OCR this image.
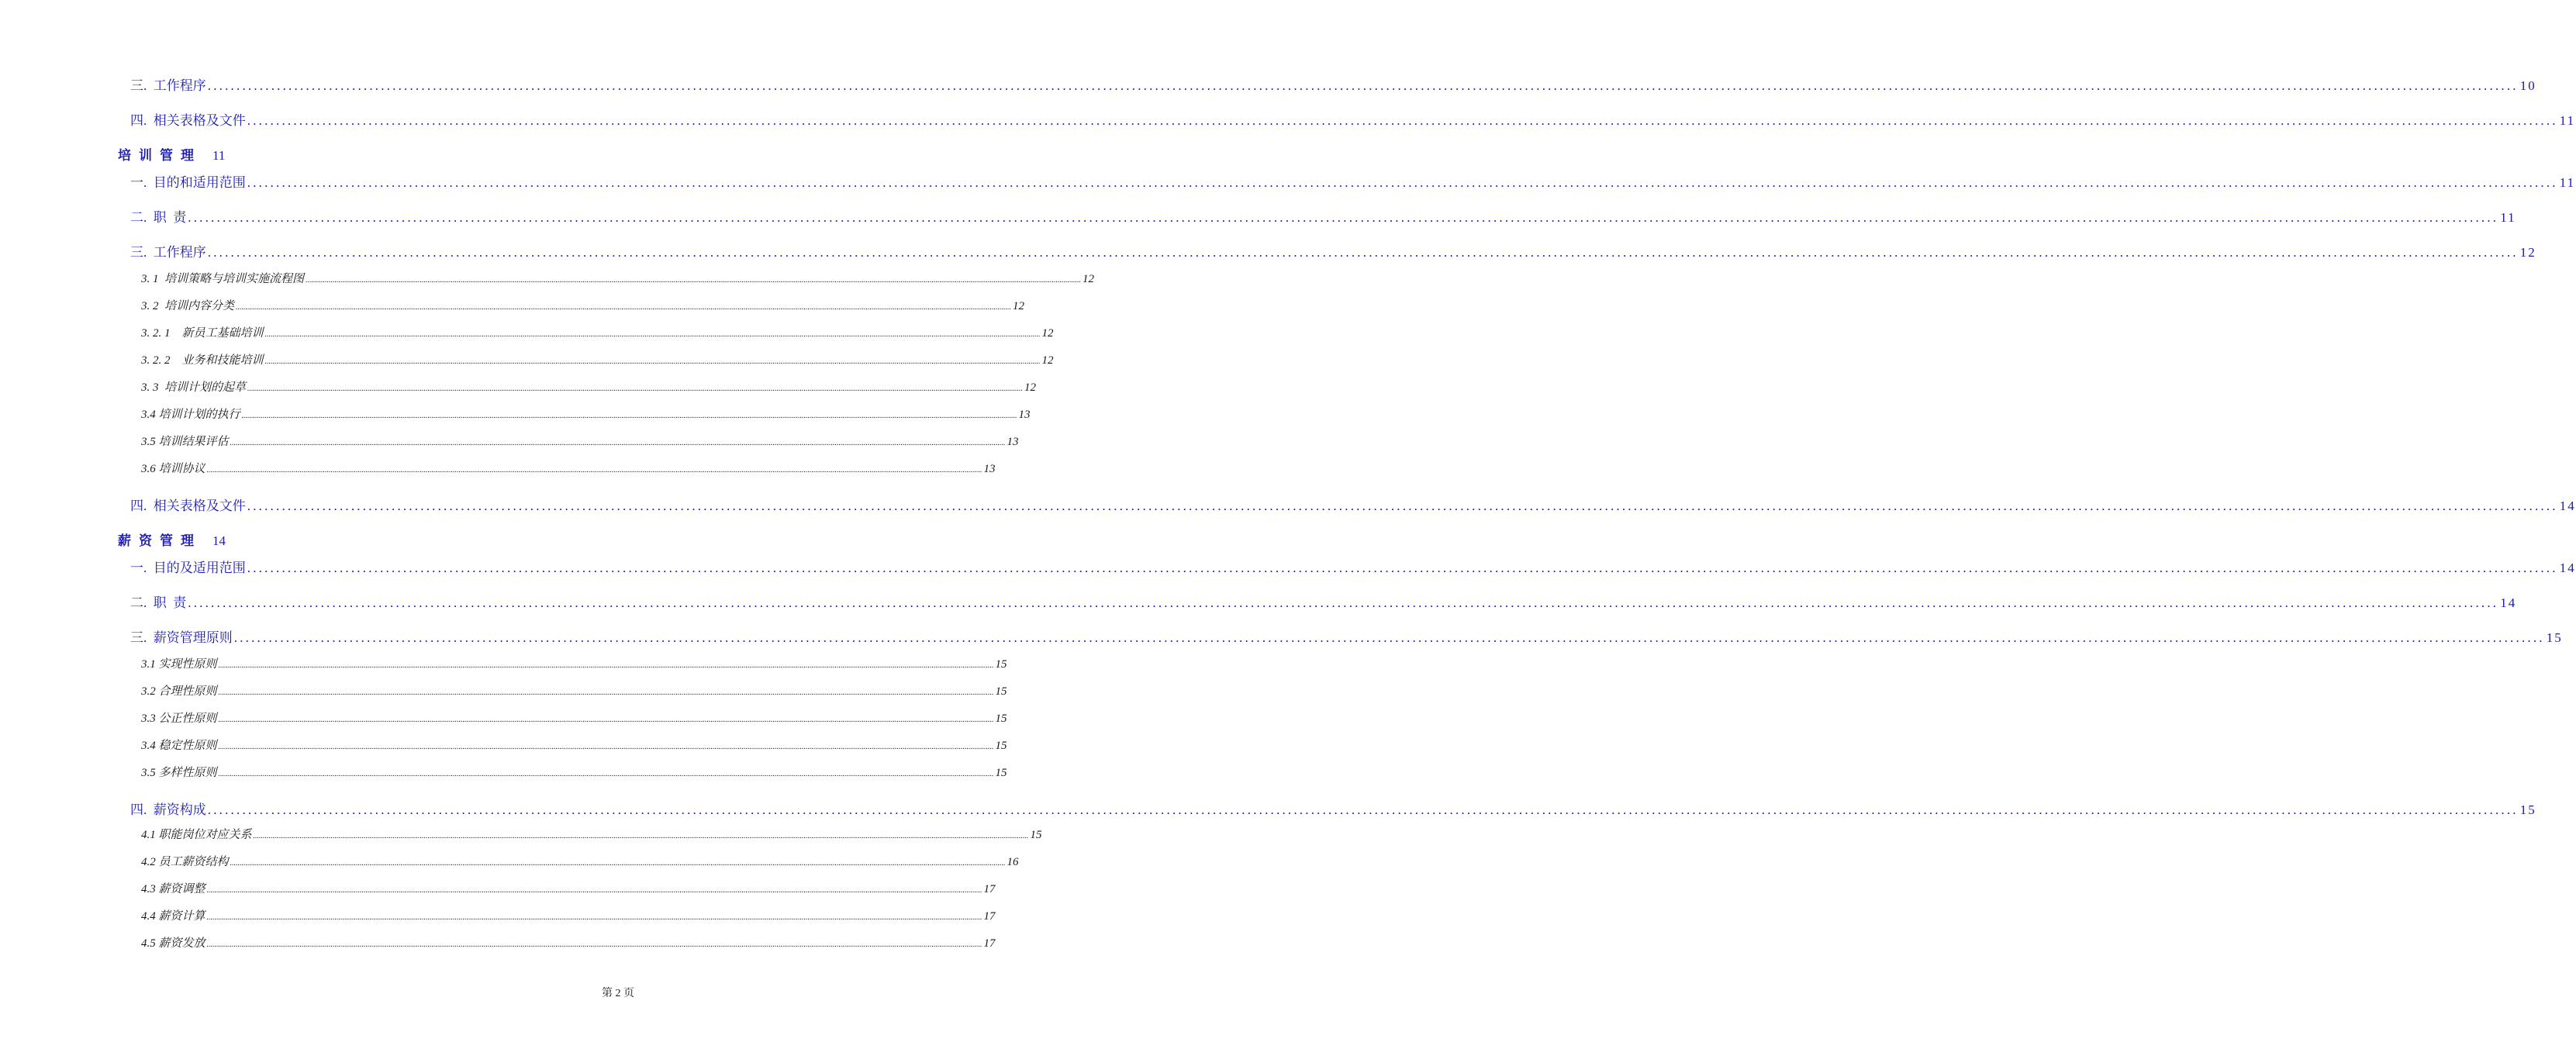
三.  工作程序 ................................................................................................................................................................................................................................................................................................................................................................................................................ 10
四.  相关表格及文件 ................................................................................................................................................................................................................................................................................................................................................................................................................ 11
培训管理 11
一.  目的和适用范围 ................................................................................................................................................................................................................................................................................................................................................................................................................ 11
二.  职  责 ................................................................................................................................................................................................................................................................................................................................................................................................................ 11
三.  工作程序 ................................................................................................................................................................................................................................................................................................................................................................................................................ 12
3. 1  培训策略与培训实施流程图 ................................................................................................................................................................................................................................................................................................................................................................................................................ 12
3. 2  培训内容分类 ................................................................................................................................................................................................................................................................................................................................................................................................................ 12
3. 2. 1    新员工基础培训 ................................................................................................................................................................................................................................................................................................................................................................................................................ 12
3. 2. 2    业务和技能培训 ................................................................................................................................................................................................................................................................................................................................................................................................................ 12
3. 3  培训计划的起草 ................................................................................................................................................................................................................................................................................................................................................................................................................ 12
3.4 培训计划的执行 ................................................................................................................................................................................................................................................................................................................................................................................................................ 13
3.5 培训结果评估 ................................................................................................................................................................................................................................................................................................................................................................................................................ 13
3.6 培训协议 ................................................................................................................................................................................................................................................................................................................................................................................................................ 13
四.  相关表格及文件 ................................................................................................................................................................................................................................................................................................................................................................................................................ 14
薪资管理 14
一.  目的及适用范围 ................................................................................................................................................................................................................................................................................................................................................................................................................ 14
二.  职  责 ................................................................................................................................................................................................................................................................................................................................................................................................................ 14
三.  薪资管理原则 ................................................................................................................................................................................................................................................................................................................................................................................................................ 15
3.1 实现性原则 ................................................................................................................................................................................................................................................................................................................................................................................................................ 15
3.2 合理性原则 ................................................................................................................................................................................................................................................................................................................................................................................................................ 15
3.3 公正性原则 ................................................................................................................................................................................................................................................................................................................................................................................................................ 15
3.4 稳定性原则 ................................................................................................................................................................................................................................................................................................................................................................................................................ 15
3.5 多样性原则 ................................................................................................................................................................................................................................................................................................................................................................................................................ 15
四.  薪资构成 ................................................................................................................................................................................................................................................................................................................................................................................................................ 15
4.1 职能岗位对应关系 ................................................................................................................................................................................................................................................................................................................................................................................................................ 15
4.2 员工薪资结构 ................................................................................................................................................................................................................................................................................................................................................................................................................ 16
4.3 薪资调整 ................................................................................................................................................................................................................................................................................................................................................................................................................ 17
4.4 薪资计算 ................................................................................................................................................................................................................................................................................................................................................................................................................ 17
4.5 薪资发放 ................................................................................................................................................................................................................................................................................................................................................................................................................ 17
第 2 页
